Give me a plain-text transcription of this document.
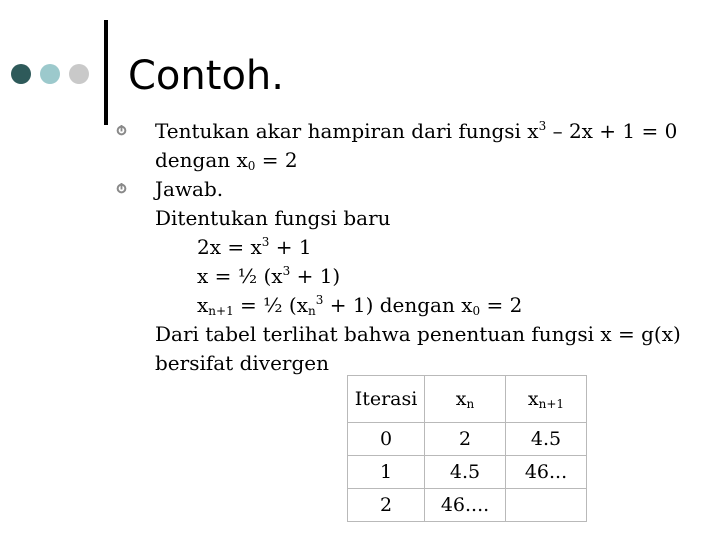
Contoh.
Tentukan akar hampiran dari fungsi $x^3 - 2x + 1 = 0$
dengan $x_0 = 2$
Jawab.
Ditentukan fungsi baru
$2x = x^3 + 1$
x = ½ $(x^3 + 1)$
$x_{n+1}$ = ½ $(x_n^3 + 1)$ dengan $x_0 = 2$
Dari tabel terlihat bahwa penentuan fungsi x = g(x)
bersifat divergen
Iterasi	$x_n$	$x_{n+1}$
0	2	4.5
1	4.5	46...
2	46....	
